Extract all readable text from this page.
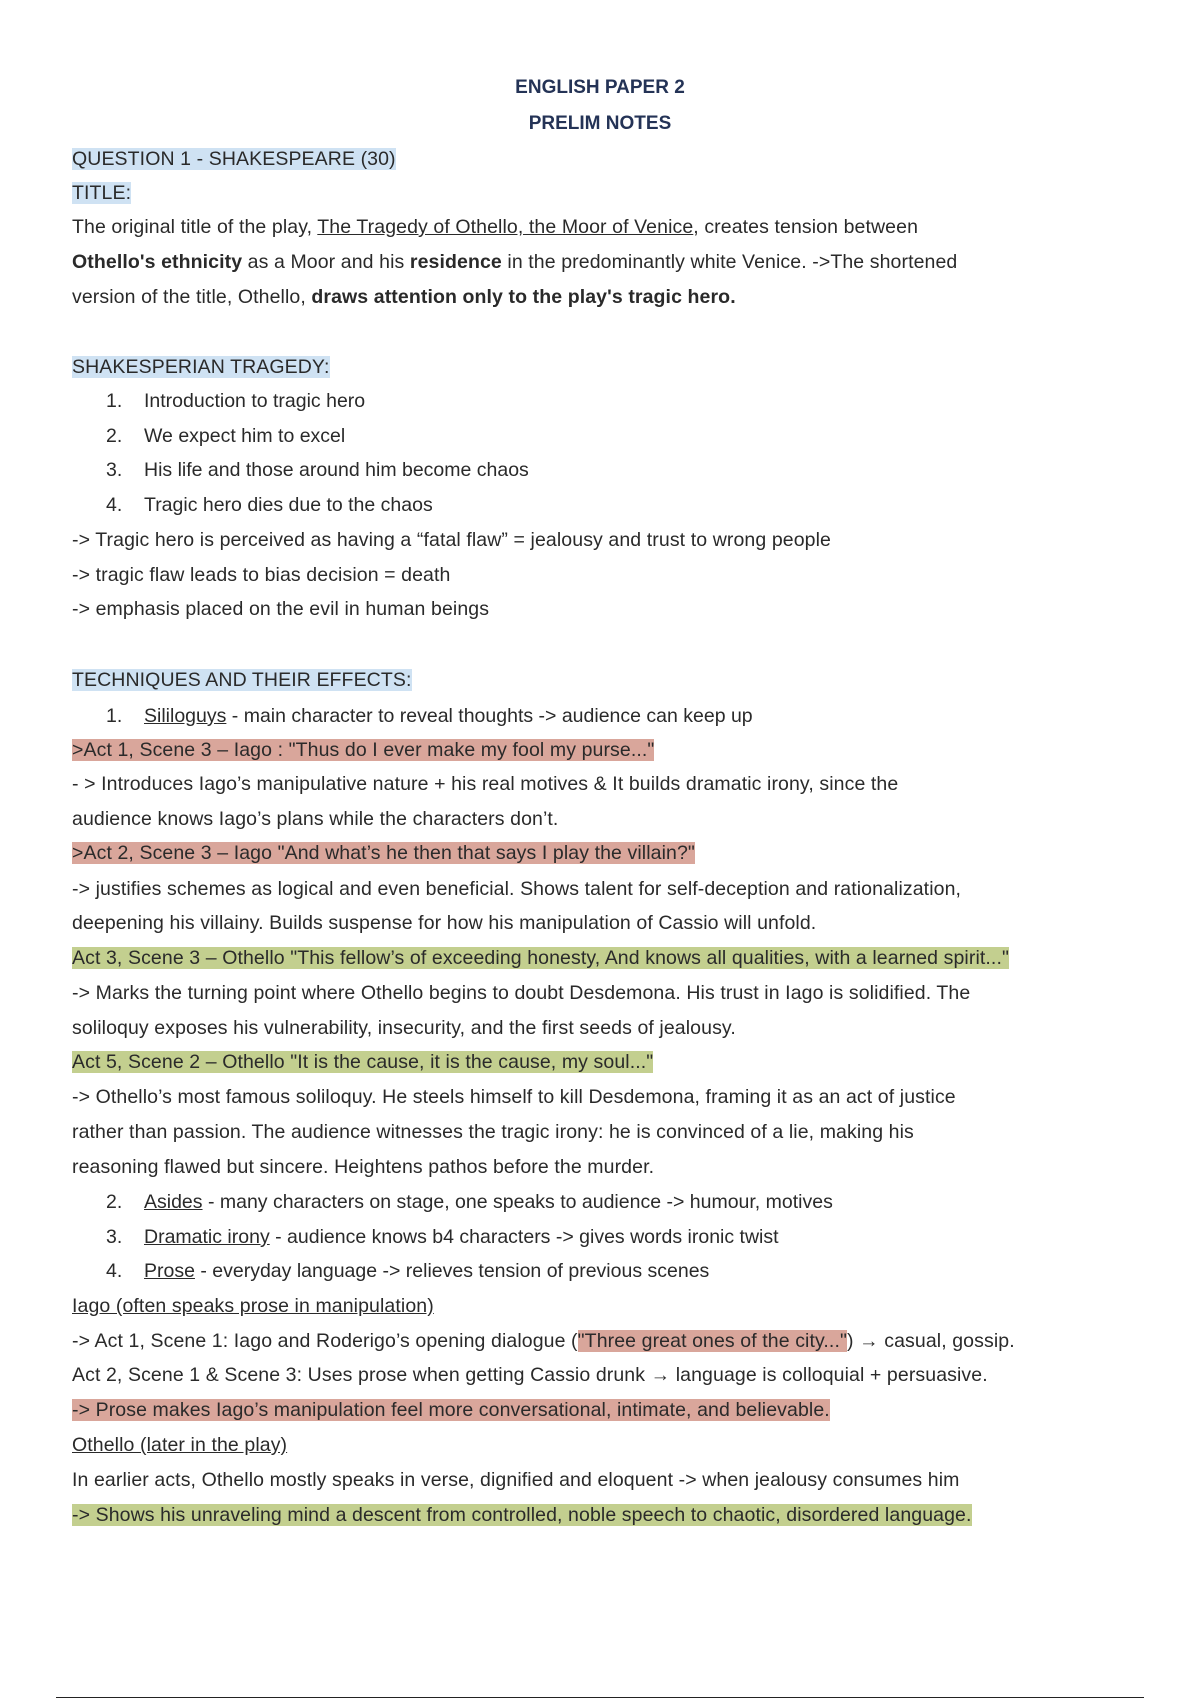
ENGLISH PAPER 2
PRELIM NOTES
QUESTION 1 - SHAKESPEARE (30)
TITLE:
The original title of the play, The Tragedy of Othello, the Moor of Venice, creates tension between
Othello's ethnicity as a Moor and his residence in the predominantly white Venice. ->The shortened
version of the title, Othello, draws attention only to the play's tragic hero.
SHAKESPERIAN TRAGEDY:
1. Introduction to tragic hero
2. We expect him to excel
3. His life and those around him become chaos
4. Tragic hero dies due to the chaos
-> Tragic hero is perceived as having a “fatal flaw” = jealousy and trust to wrong people
-> tragic flaw leads to bias decision = death
-> emphasis placed on the evil in human beings
TECHNIQUES AND THEIR EFFECTS:
1. Sililoguys - main character to reveal thoughts -> audience can keep up
>Act 1, Scene 3 – Iago : "Thus do I ever make my fool my purse..."
- > Introduces Iago’s manipulative nature + his real motives & It builds dramatic irony, since the
audience knows Iago’s plans while the characters don’t.
>Act 2, Scene 3 – Iago "And what’s he then that says I play the villain?"
-> justifies schemes as logical and even beneficial. Shows talent for self-deception and rationalization,
deepening his villainy. Builds suspense for how his manipulation of Cassio will unfold.
Act 3, Scene 3 – Othello "This fellow’s of exceeding honesty, And knows all qualities, with a learned spirit..."
-> Marks the turning point where Othello begins to doubt Desdemona. His trust in Iago is solidified. The
soliloquy exposes his vulnerability, insecurity, and the first seeds of jealousy.
Act 5, Scene 2 – Othello "It is the cause, it is the cause, my soul..."
-> Othello’s most famous soliloquy. He steels himself to kill Desdemona, framing it as an act of justice
rather than passion. The audience witnesses the tragic irony: he is convinced of a lie, making his
reasoning flawed but sincere. Heightens pathos before the murder.
2. Asides - many characters on stage, one speaks to audience -> humour, motives
3. Dramatic irony - audience knows b4 characters -> gives words ironic twist
4. Prose - everyday language -> relieves tension of previous scenes
Iago (often speaks prose in manipulation)
-> Act 1, Scene 1: Iago and Roderigo’s opening dialogue ("Three great ones of the city...") → casual, gossip.
Act 2, Scene 1 & Scene 3: Uses prose when getting Cassio drunk → language is colloquial + persuasive.
-> Prose makes Iago’s manipulation feel more conversational, intimate, and believable.
Othello (later in the play)
In earlier acts, Othello mostly speaks in verse, dignified and eloquent -> when jealousy consumes him
-> Shows his unraveling mind a descent from controlled, noble speech to chaotic, disordered language.
